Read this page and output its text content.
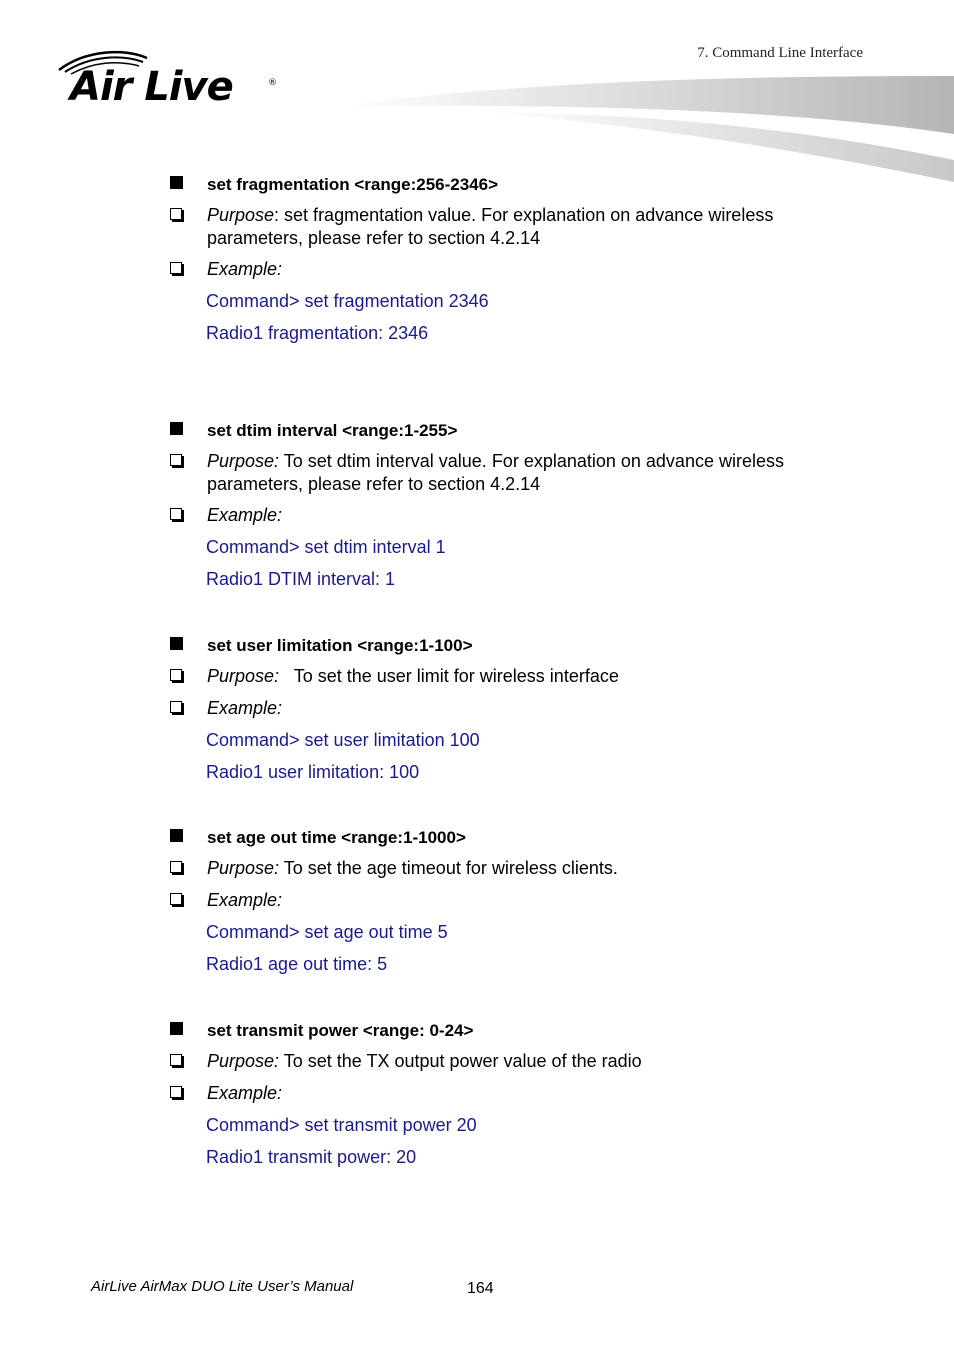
7. Command Line Interface
Air Live	®
set fragmentation <range:256-2346>
Purpose: set fragmentation value. For explanation on advance wireless parameters, please refer to section 4.2.14
Example:
Command> set fragmentation 2346
Radio1 fragmentation: 2346
set dtim interval <range:1-255>
Purpose: To set dtim interval value. For explanation on advance wireless parameters, please refer to section 4.2.14
Example:
Command> set dtim interval 1
Radio1 DTIM interval: 1
set user limitation <range:1-100>
Purpose:   To set the user limit for wireless interface
Example:
Command> set user limitation 100
Radio1 user limitation: 100
set age out time <range:1-1000>
Purpose: To set the age timeout for wireless clients.
Example:
Command> set age out time 5
Radio1 age out time: 5
set transmit power <range: 0-24>
Purpose: To set the TX output power value of the radio
Example:
Command> set transmit power 20
Radio1 transmit power: 20
AirLive AirMax DUO Lite User’s Manual	164
